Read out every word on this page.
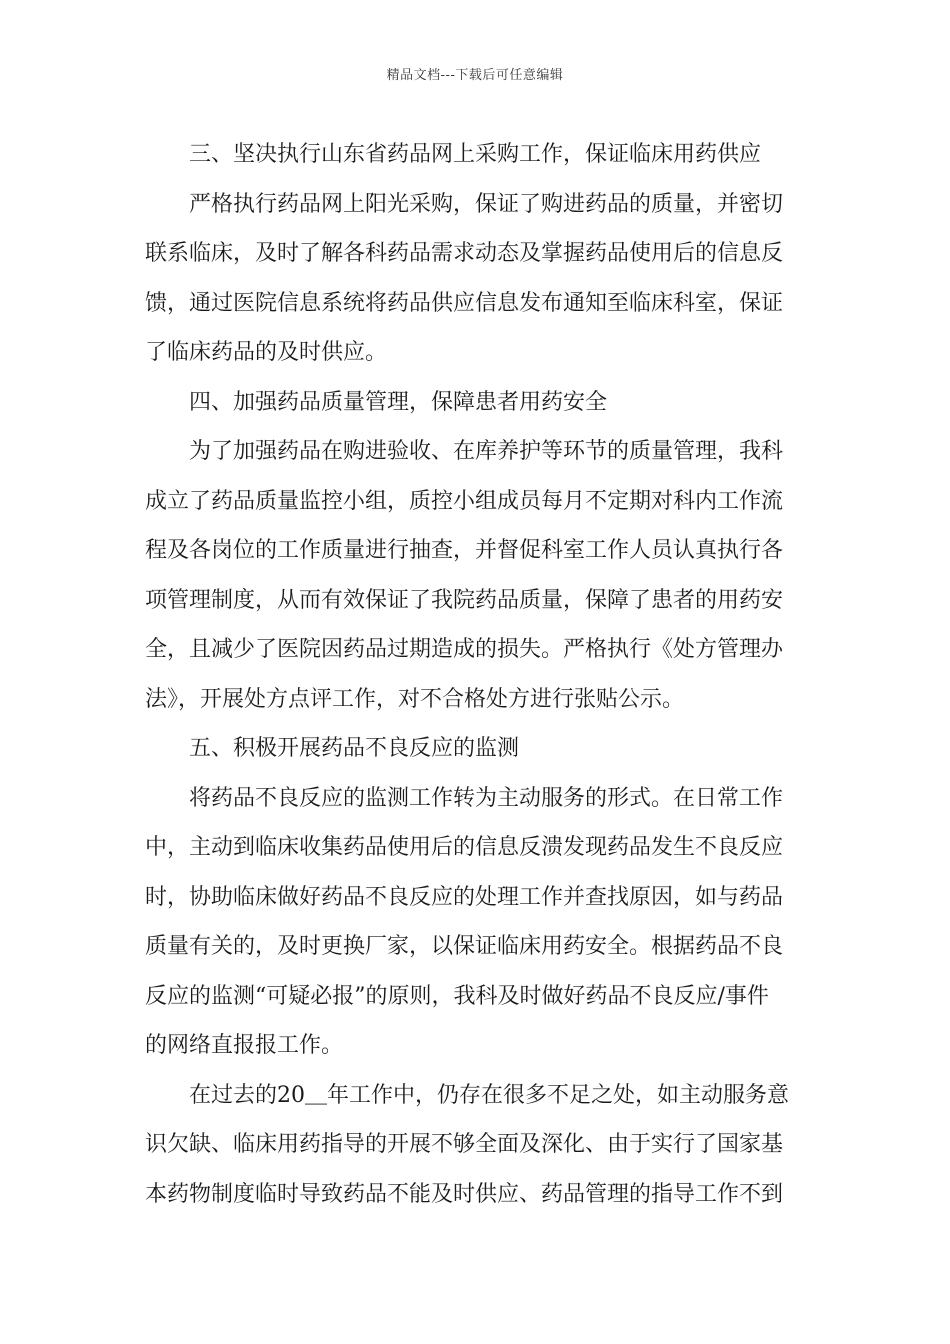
精品文档---下载后可任意编辑
三、坚决执行山东省药品网上采购工作，保证临床用药供应
严格执行药品网上阳光采购，保证了购进药品的质量，并密切
联系临床，及时了解各科药品需求动态及掌握药品使用后的信息反
馈，通过医院信息系统将药品供应信息发布通知至临床科室，保证
了临床药品的及时供应。
四、加强药品质量管理，保障患者用药安全
为了加强药品在购进验收、在库养护等环节的质量管理，我科
成立了药品质量监控小组，质控小组成员每月不定期对科内工作流
程及各岗位的工作质量进行抽查，并督促科室工作人员认真执行各
项管理制度，从而有效保证了我院药品质量，保障了患者的用药安
全，且减少了医院因药品过期造成的损失。严格执行《处方管理办
法》，开展处方点评工作，对不合格处方进行张贴公示。
五、积极开展药品不良反应的监测
将药品不良反应的监测工作转为主动服务的形式。在日常工作
中，主动到临床收集药品使用后的信息反溃发现药品发生不良反应
时，协助临床做好药品不良反应的处理工作并查找原因，如与药品
质量有关的，及时更换厂家，以保证临床用药安全。根据药品不良
反应的监测“可疑必报”的原则，我科及时做好药品不良反应/事件
的网络直报报工作。
在过去的20＿年工作中，仍存在很多不足之处，如主动服务意
识欠缺、临床用药指导的开展不够全面及深化、由于实行了国家基
本药物制度临时导致药品不能及时供应、药品管理的指导工作不到
